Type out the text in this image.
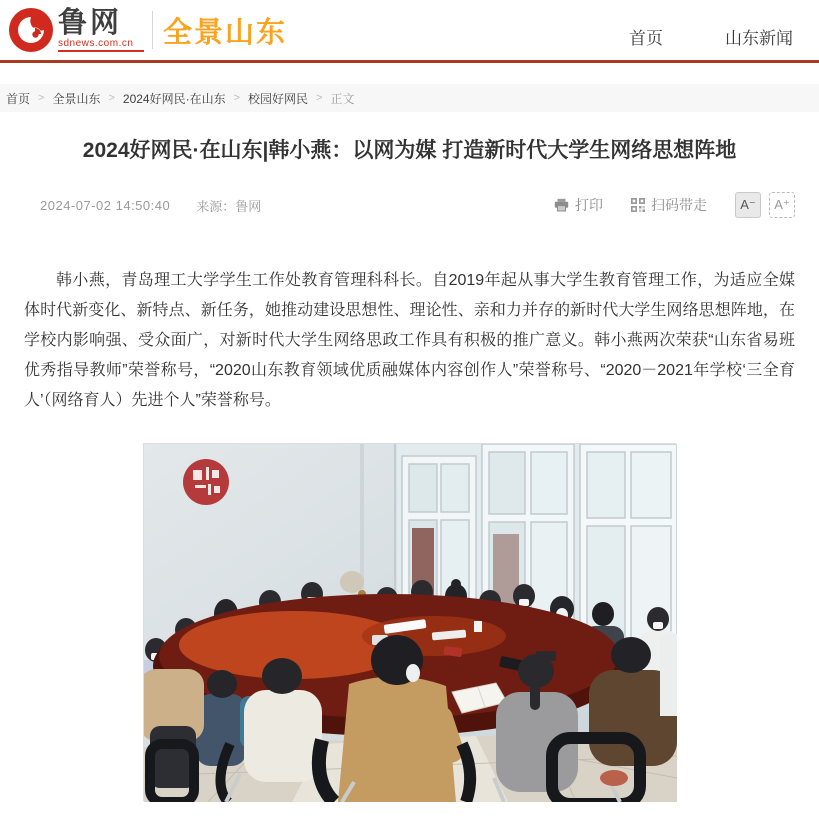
鲁网
sdnews.com.cn	全景山东	首页	山东新闻
首页 > 全景山东 > 2024好网民·在山东 > 校园好网民 > 正文
2024好网民·在山东|韩小燕：以网为媒 打造新时代大学生网络思想阵地
2024-07-02 14:50:40 来源：鲁网	打印	扫码带走	A⁻	A⁺

韩小燕，青岛理工大学学生工作处教育管理科科长。自2019年起从事大学生教育管理工作，为适应全媒体时代新变化、新特点、新任务，她推动建设思想性、理论性、亲和力并存的新时代大学生网络思想阵地，在学校内影响强、受众面广，对新时代大学生网络思政工作具有积极的推广意义。韩小燕两次荣获“山东省易班优秀指导教师”荣誉称号，“2020山东教育领域优质融媒体内容创作人”荣誉称号、“2020－2021年学校‘三全育人’（网络育人）先进个人”荣誉称号。
